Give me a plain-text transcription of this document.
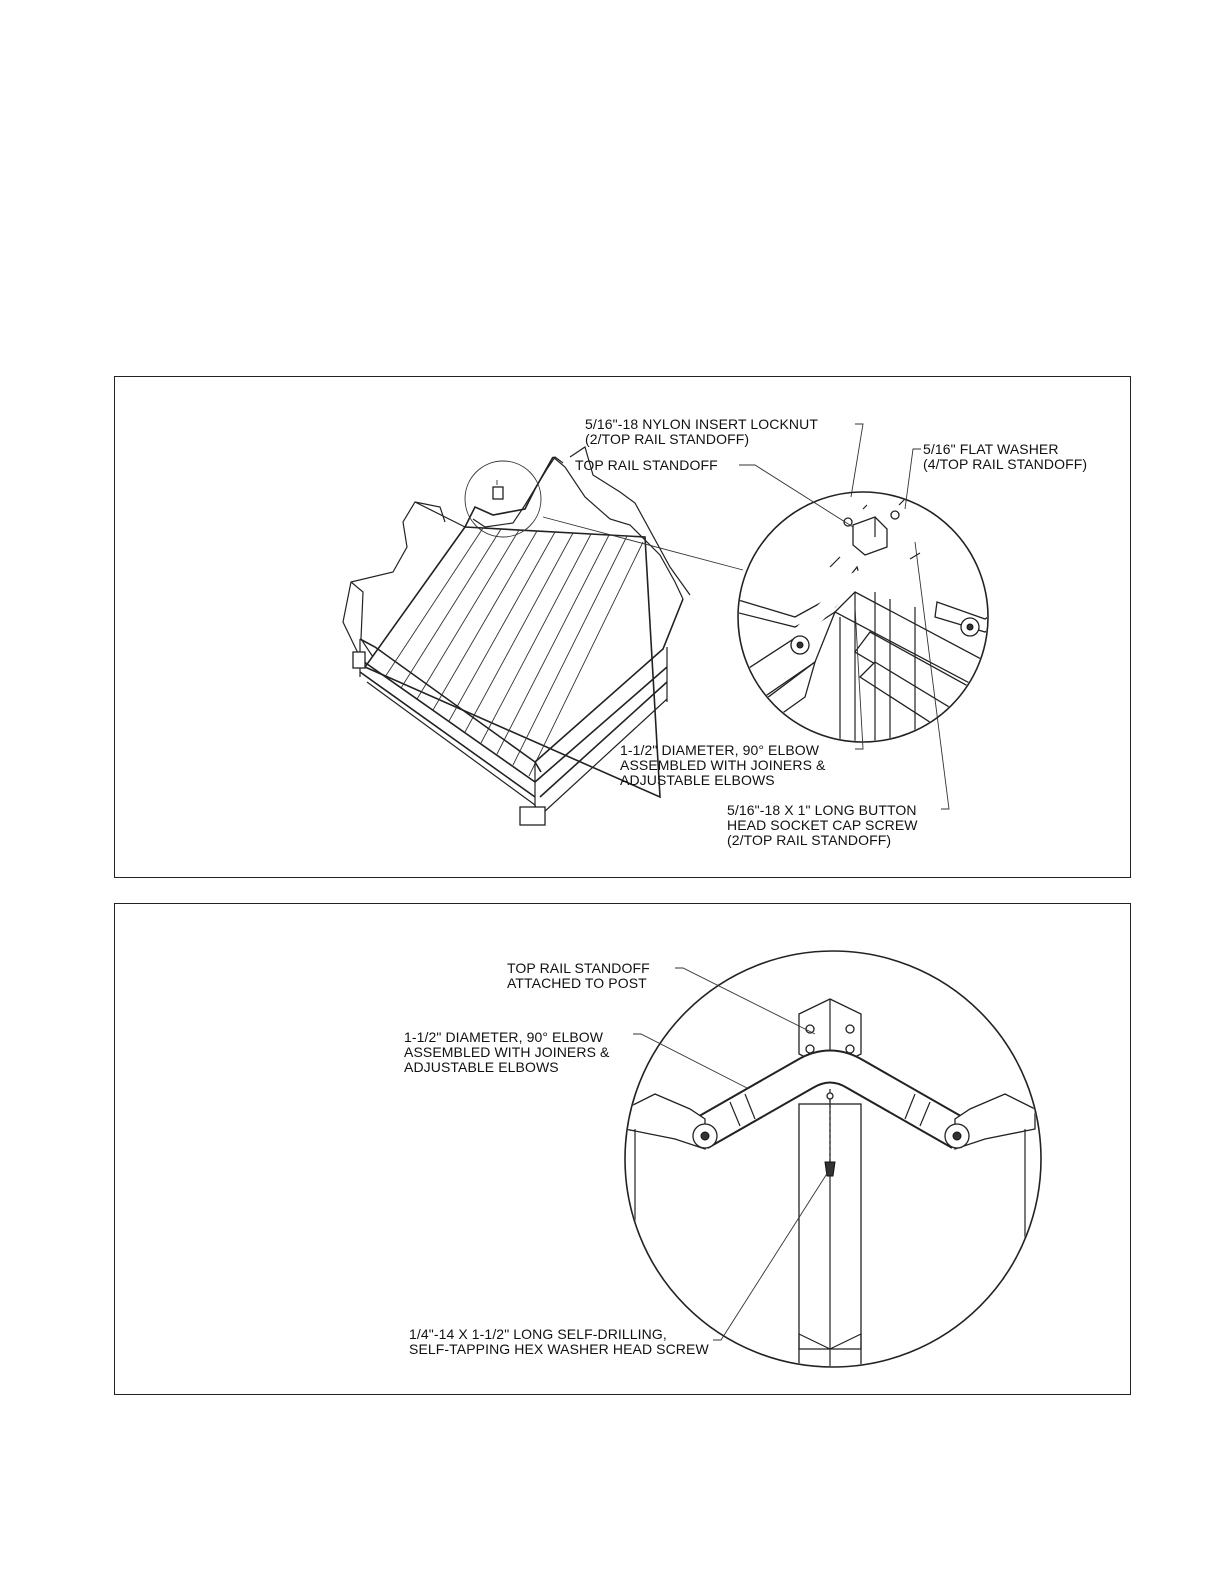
5/16"-18 NYLON INSERT LOCKNUT
(2/TOP RAIL STANDOFF)
TOP RAIL STANDOFF
5/16" FLAT WASHER
(4/TOP RAIL STANDOFF)
1-1/2" DIAMETER, 90° ELBOW
ASSEMBLED WITH JOINERS &
ADJUSTABLE ELBOWS
5/16"-18 X 1" LONG BUTTON
HEAD SOCKET CAP SCREW
(2/TOP RAIL STANDOFF)
TOP RAIL STANDOFF
ATTACHED TO POST
1-1/2" DIAMETER, 90° ELBOW
ASSEMBLED WITH JOINERS &
ADJUSTABLE ELBOWS
1/4"-14 X 1-1/2" LONG SELF-DRILLING,
SELF-TAPPING HEX WASHER HEAD SCREW
